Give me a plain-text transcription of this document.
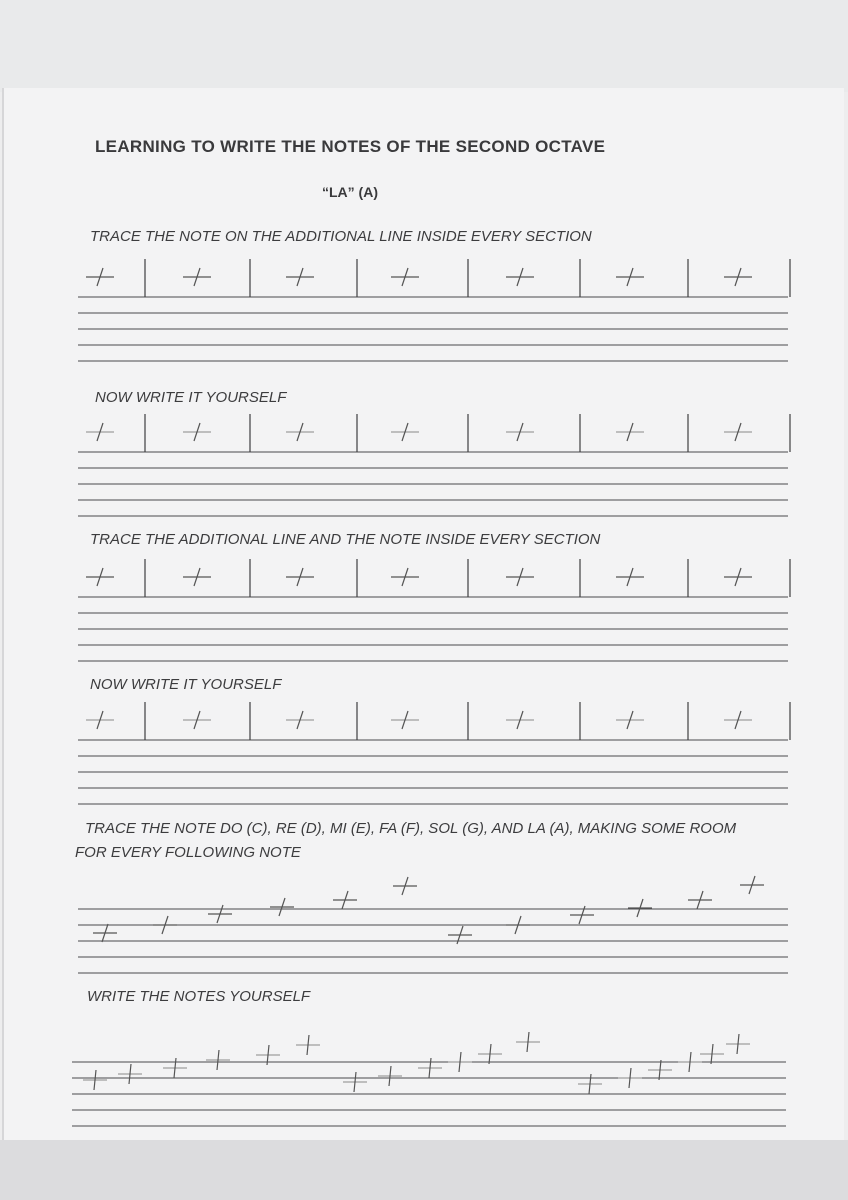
LEARNING TO WRITE THE NOTES OF THE SECOND OCTAVE
“LA” (A)
TRACE THE NOTE ON THE ADDITIONAL LINE INSIDE EVERY SECTION
NOW WRITE IT YOURSELF
TRACE THE ADDITIONAL LINE AND THE NOTE INSIDE EVERY SECTION
NOW WRITE IT YOURSELF
TRACE THE NOTE DO (C), RE (D), MI (E), FA (F), SOL (G), AND LA (A), MAKING SOME ROOM
FOR EVERY FOLLOWING NOTE
WRITE THE NOTES YOURSELF
